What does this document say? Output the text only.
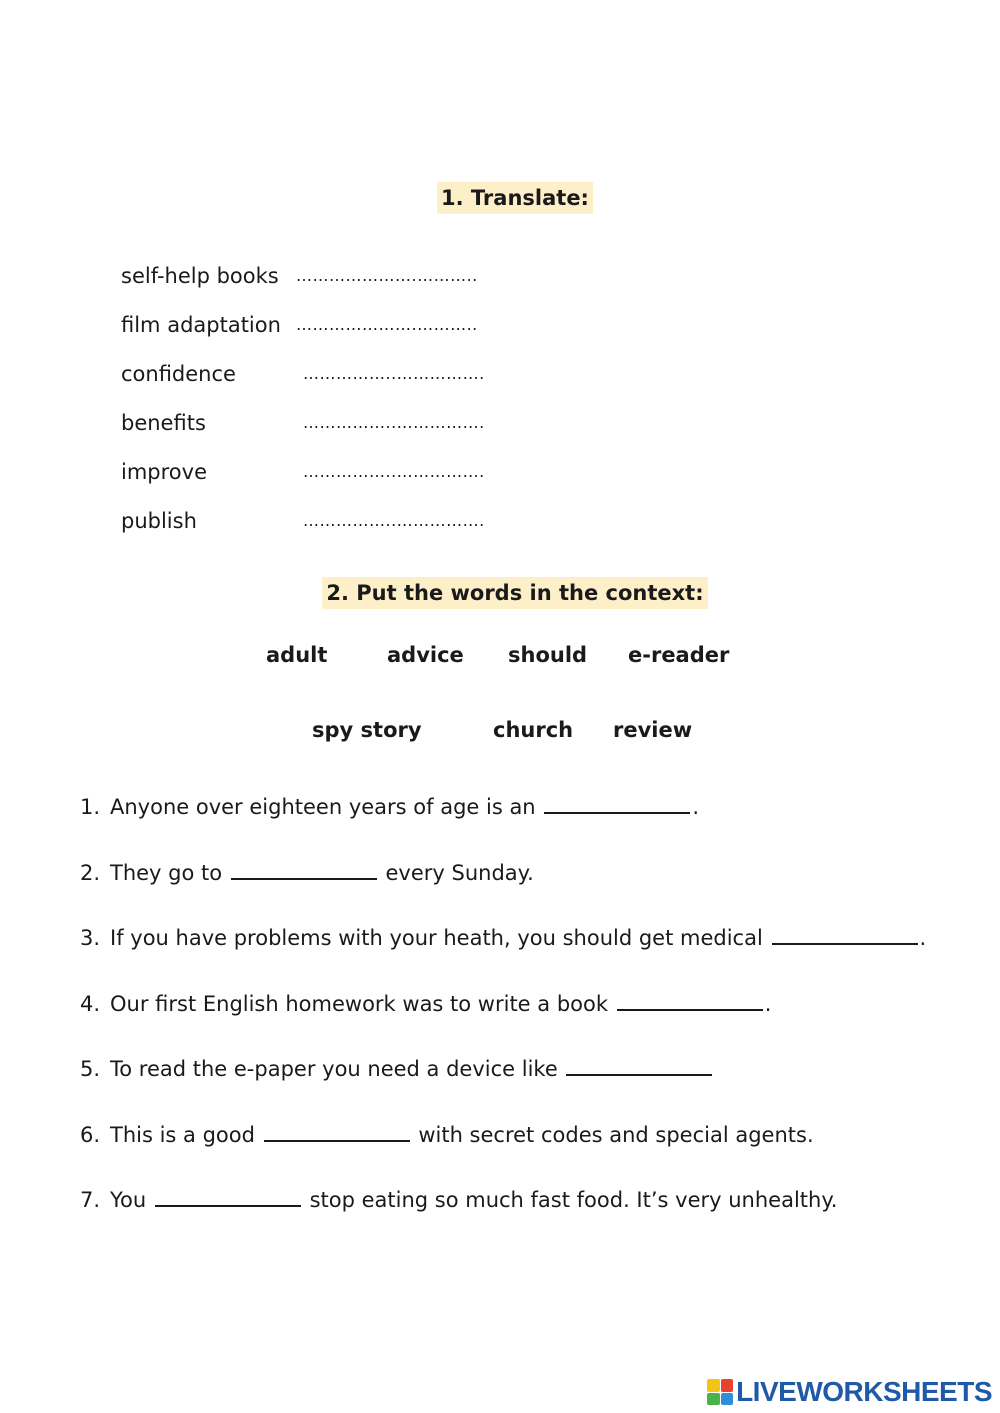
1. Translate:
self-help books ………………….………..
film adaptation ………………….………..
confidence	……………..…………….
benefits	……………..…………….
improve	……………..…………….
publish	……………..…………….
2. Put the words in the context:
adult	advice should e-reader
spy story	church review
1. Anyone over eighteen years of age is an	.
2. They go to	every Sunday.
3. If you have problems with your heath, you should get medical	.
4. Our first English homework was to write a book	.
5. To read the e-paper you need a device like
6. This is a good	with secret codes and special agents.
7. You	stop eating so much fast food. It’s very unhealthy.
LIVEWORKSHEETS
